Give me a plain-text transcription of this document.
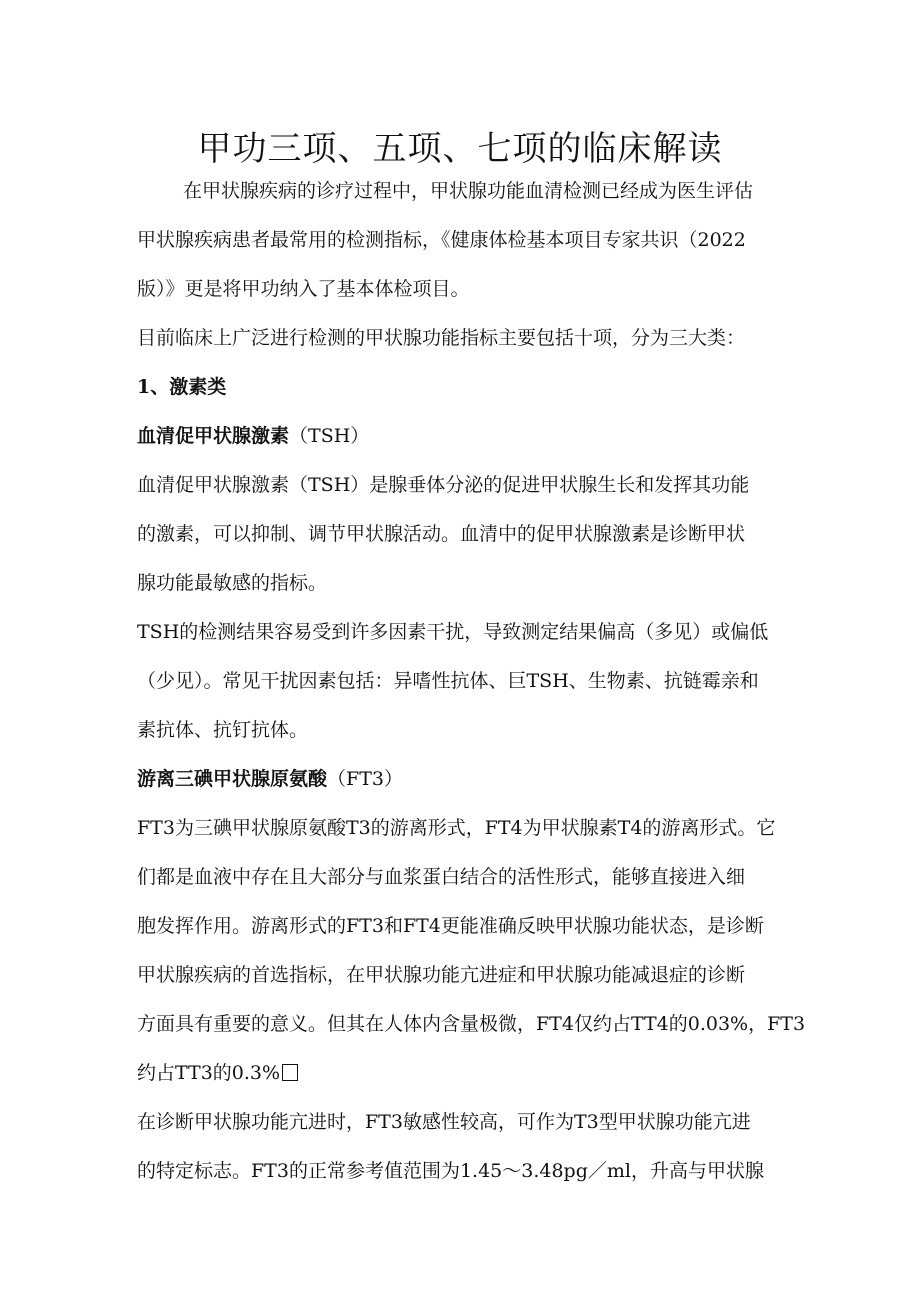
甲功三项、五项、七项的临床解读
在甲状腺疾病的诊疗过程中，甲状腺功能血清检测已经成为医生评估
甲状腺疾病患者最常用的检测指标，《健康体检基本项目专家共识（2022
版）》更是将甲功纳入了基本体检项目。
目前临床上广泛进行检测的甲状腺功能指标主要包括十项，分为三大类：
1、激素类
血清促甲状腺激素（TSH）
血清促甲状腺激素（TSH）是腺垂体分泌的促进甲状腺生长和发挥其功能
的激素，可以抑制、调节甲状腺活动。血清中的促甲状腺激素是诊断甲状
腺功能最敏感的指标。
TSH的检测结果容易受到许多因素干扰，导致测定结果偏高（多见）或偏低
（少见）。常见干扰因素包括：异嗜性抗体、巨TSH、生物素、抗链霉亲和
素抗体、抗钉抗体。
游离三碘甲状腺原氨酸（FT3）
FT3为三碘甲状腺原氨酸T3的游离形式，FT4为甲状腺素T4的游离形式。它
们都是血液中存在且大部分与血浆蛋白结合的活性形式，能够直接进入细
胞发挥作用。游离形式的FT3和FT4更能准确反映甲状腺功能状态，是诊断
甲状腺疾病的首选指标，在甲状腺功能亢进症和甲状腺功能减退症的诊断
方面具有重要的意义。但其在人体内含量极微，FT4仅约占TT4的0.03%，FT3
约占TT3的0.3%
在诊断甲状腺功能亢进时，FT3敏感性较高，可作为T3型甲状腺功能亢进
的特定标志。FT3的正常参考值范围为1.45～3.48pg／ml，升高与甲状腺
